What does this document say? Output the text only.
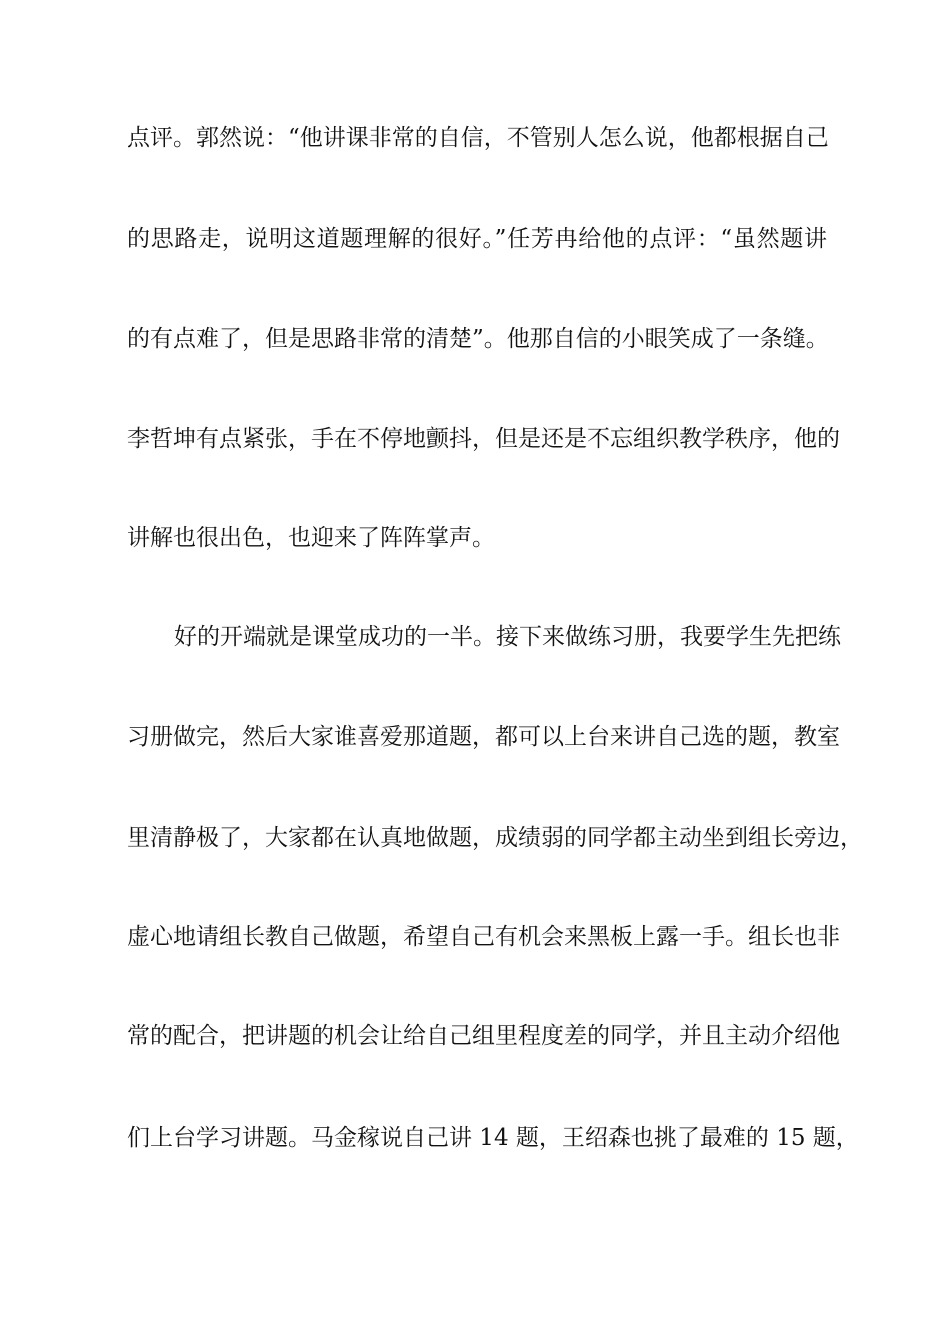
点评。郭然说：“他讲课非常的自信，不管别人怎么说，他都根据自己
的思路走，说明这道题理解的很好。”任芳冉给他的点评：“虽然题讲
的有点难了，但是思路非常的清楚”。他那自信的小眼笑成了一条缝。
李哲坤有点紧张，手在不停地颤抖，但是还是不忘组织教学秩序，他的
讲解也很出色，也迎来了阵阵掌声。
好的开端就是课堂成功的一半。接下来做练习册，我要学生先把练
习册做完，然后大家谁喜爱那道题，都可以上台来讲自己选的题，教室
里清静极了，大家都在认真地做题，成绩弱的同学都主动坐到组长旁边，
虚心地请组长教自己做题，希望自己有机会来黑板上露一手。组长也非
常的配合，把讲题的机会让给自己组里程度差的同学，并且主动介绍他
们上台学习讲题。马金稼说自己讲 14 题，王绍森也挑了最难的 15 题，
